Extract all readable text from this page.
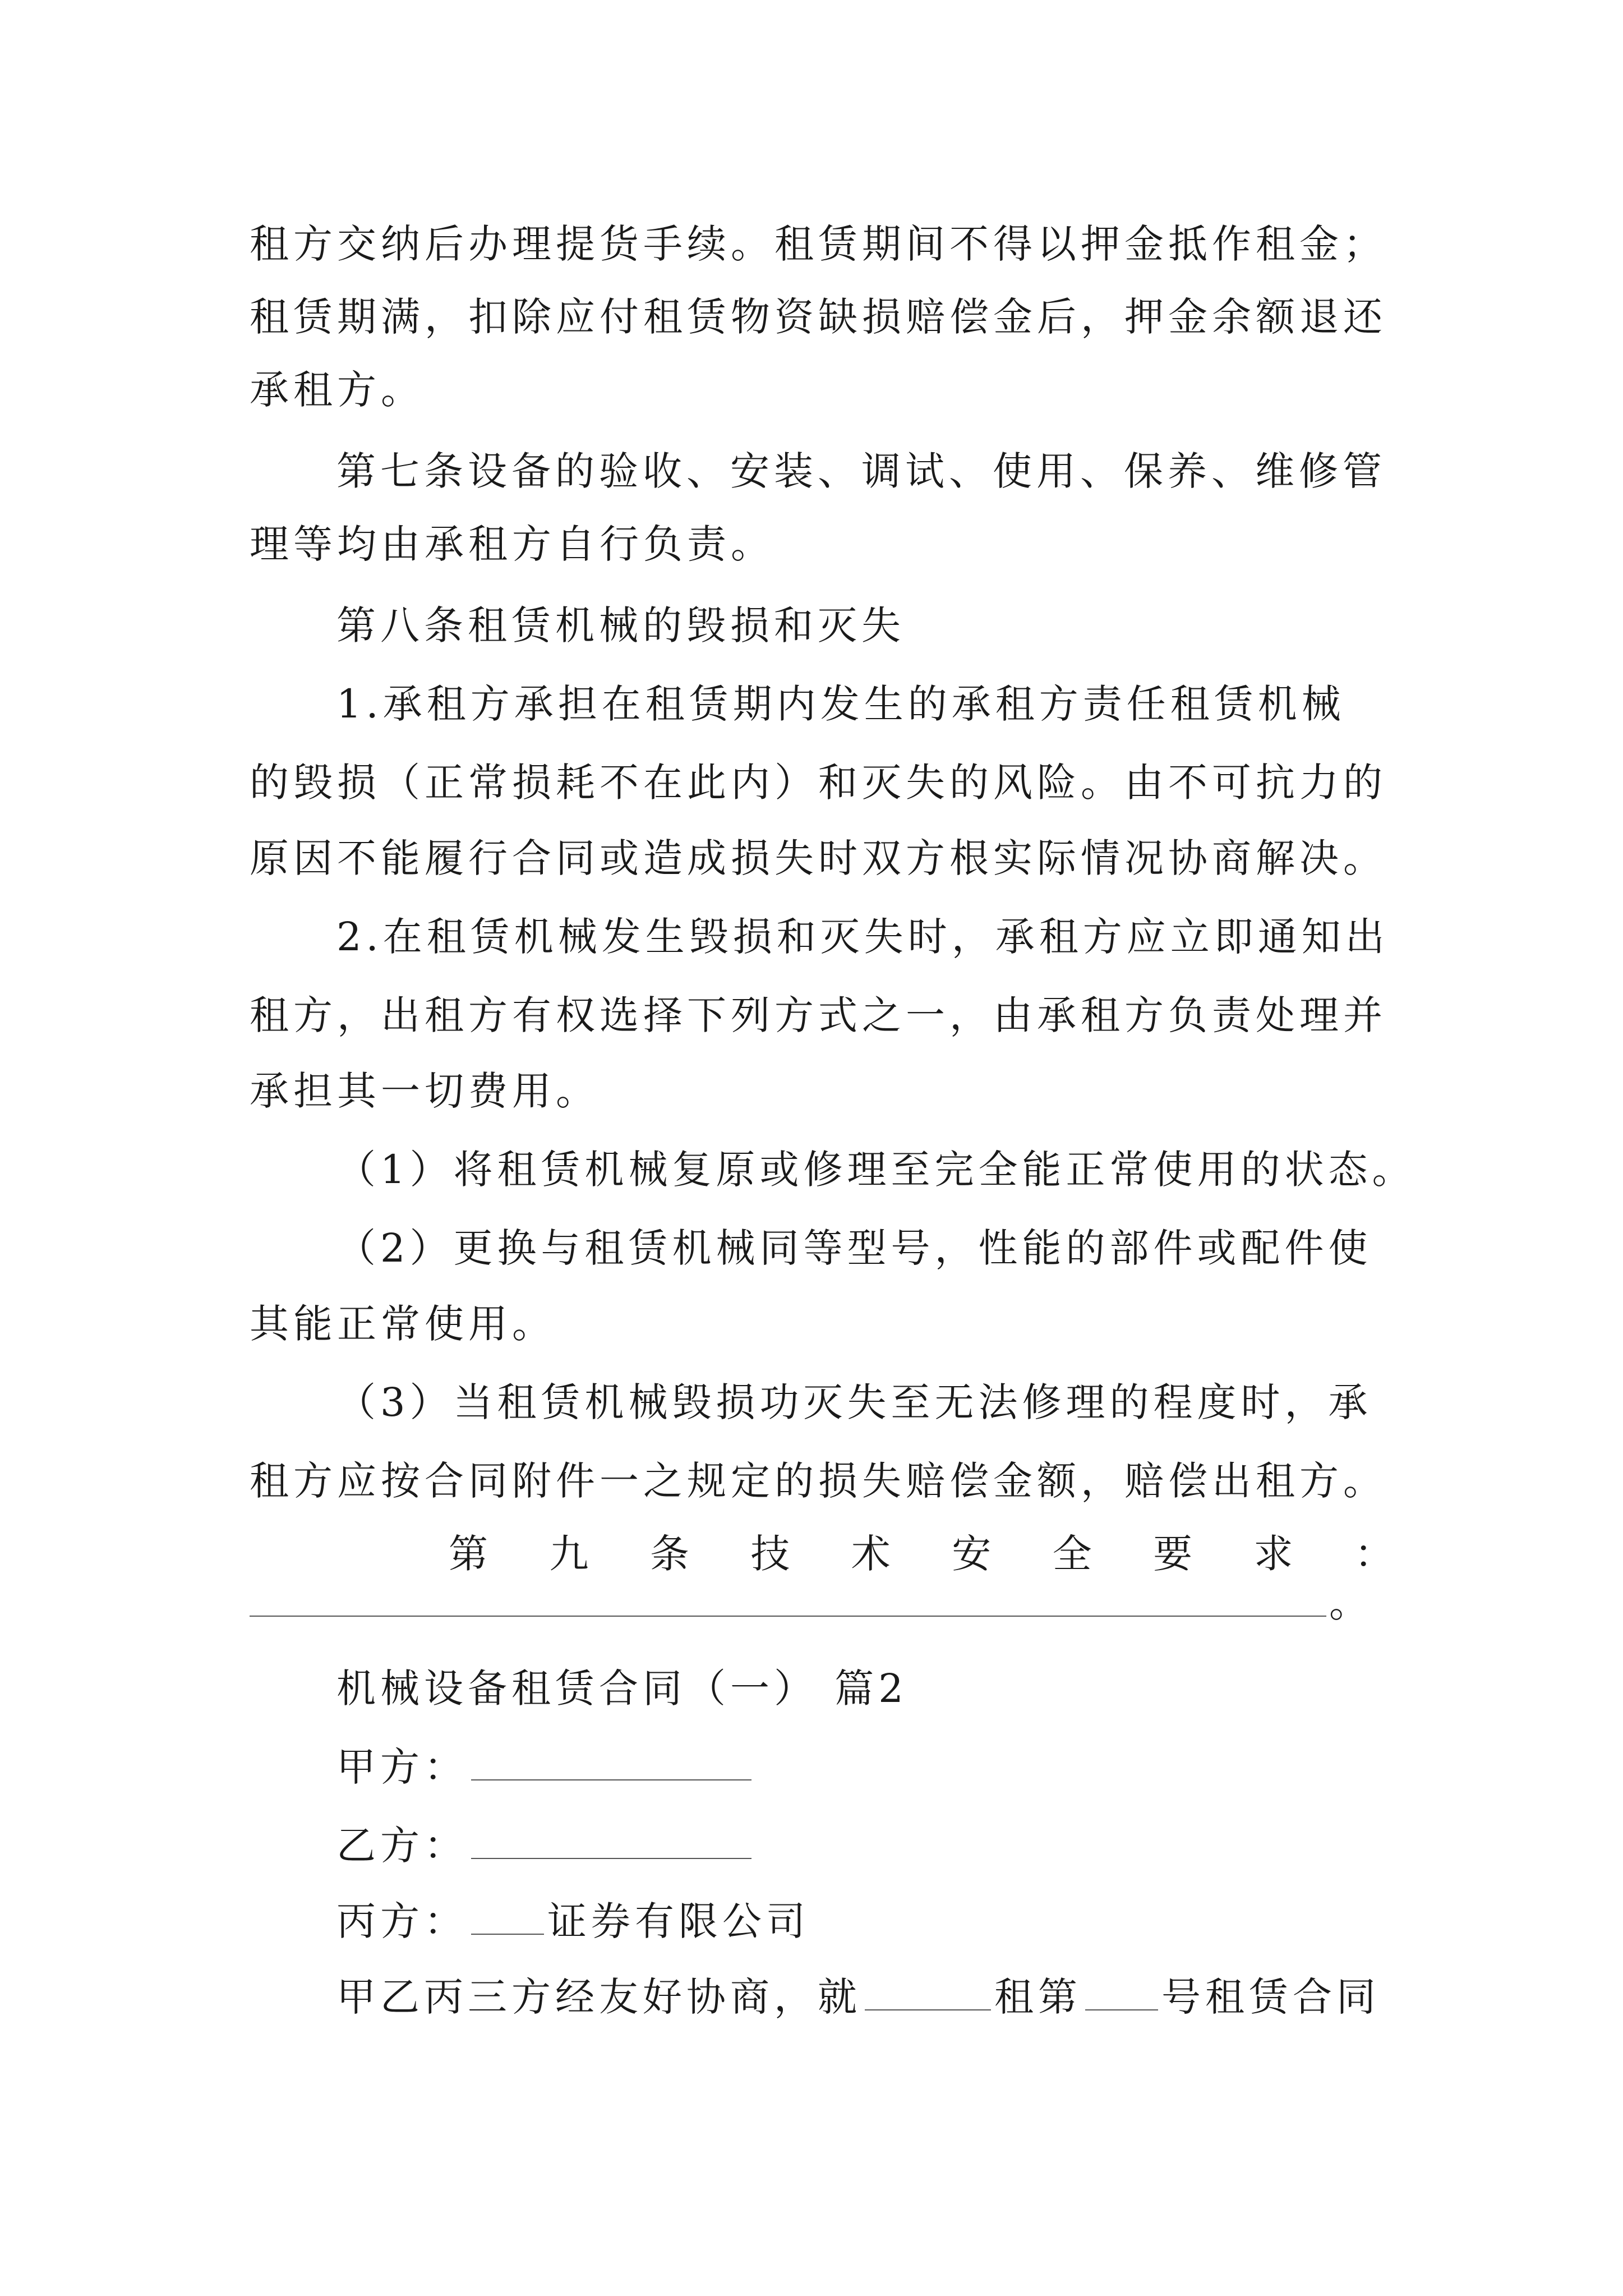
租方交纳后办理提货手续。租赁期间不得以押金抵作租金；
租赁期满，扣除应付租赁物资缺损赔偿金后，押金余额退还
承租方。
第七条设备的验收、安装、调试、使用、保养、维修管
理等均由承租方自行负责。
第八条租赁机械的毁损和灭失
1.承租方承担在租赁期内发生的承租方责任租赁机械
的毁损（正常损耗不在此内）和灭失的风险。由不可抗力的
原因不能履行合同或造成损失时双方根实际情况协商解决。
2.在租赁机械发生毁损和灭失时，承租方应立即通知出
租方，出租方有权选择下列方式之一，由承租方负责处理并
承担其一切费用。
（1）将租赁机械复原或修理至完全能正常使用的状态。
（2）更换与租赁机械同等型号，性能的部件或配件使
其能正常使用。
（3）当租赁机械毁损功灭失至无法修理的程度时，承
租方应按合同附件一之规定的损失赔偿金额，赔偿出租方。
第 九 条 技 术 安 全 要 求 ：
。
机械设备租赁合同（一） 篇2
甲方：
乙方：
丙方： 证券有限公司
甲乙丙三方经友好协商，就	租第 号租赁合同
